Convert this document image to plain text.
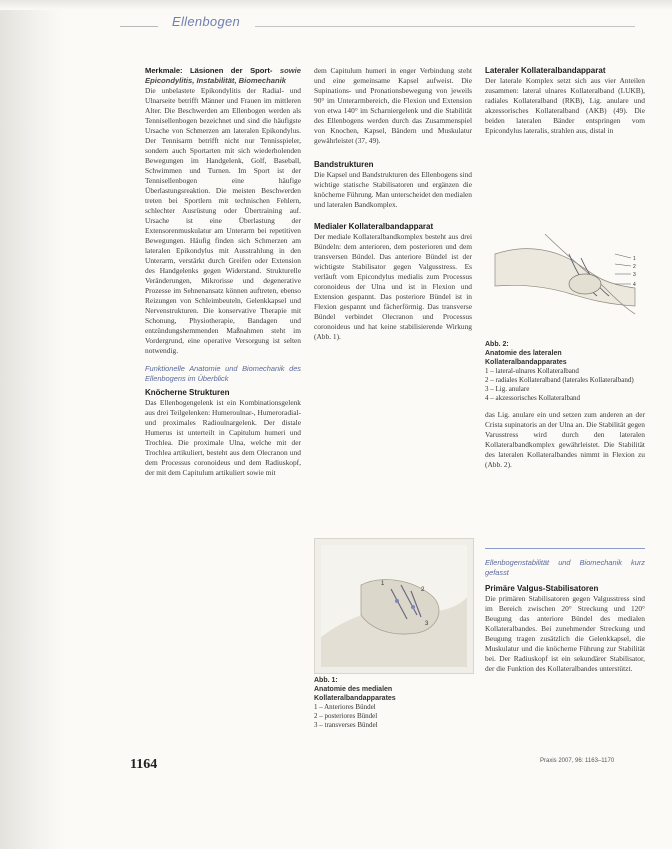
Ellenbogen

Merkmale: Läsionen der Sport- sowie Epicondylitis, Instabilität, Biomechanik

Die unbelastete Epikondylitis der Radial- und Ulnarseite betrifft Männer und Frauen im mittleren Alter. Die Beschwerden am Ellenbogen werden als Tennisellenbogen bezeichnet und sind die häufigste Ursache von Schmerzen am lateralen Epikondylus. Der Tennisarm betrifft nicht nur Tennisspieler, sondern auch Sportarten mit sich wiederholenden Bewegungen im Handgelenk, Golf, Baseball, Schwimmen und Turnen. Im Sport ist der Tennisellenbogen eine häufige Überlastungsreaktion. Die meisten Beschwerden treten bei Sportlern mit technischen Fehlern, schlechter Ausrüstung oder Übertraining auf. Ursache ist eine Überlastung der Extensorenmuskulatur am Unterarm bei repetitiven Bewegungen. Häufig finden sich Schmerzen am lateralen Epikondylus mit Ausstrahlung in den Unterarm, verstärkt durch Greifen oder Extension des Handgelenks gegen Widerstand. Strukturelle Veränderungen, Mikrorisse und degenerative Prozesse im Sehnenansatz können auftreten, ebenso Reizungen von Schleimbeuteln, Gelenkkapsel und Nervenstrukturen. Die konservative Therapie mit Schonung, Physiotherapie, Bandagen und entzündungshemmenden Maßnahmen steht im Vordergrund, eine operative Versorgung ist selten notwendig.

Funktionelle Anatomie und Biomechanik des Ellenbogens im Überblick

Knöcherne Strukturen

Das Ellenbogengelenk ist ein Kombinationsgelenk aus drei Teilgelenken: Humeroulnar-, Humeroradial- und proximales Radioulnargelenk. Der distale Humerus ist unterteilt in Capitulum humeri und Trochlea. Die proximale Ulna, welche mit der Trochlea artikuliert, besteht aus dem Olecranon und dem Processus coronoideus und dem Radiuskopf, der mit dem Capitulum artikuliert sowie mit

dem Capitulum humeri in enger Verbindung steht und eine gemeinsame Kapsel aufweist. Die Supinations- und Pronationsbewegung von jeweils 90° im Unterarmbereich, die Flexion und Extension von etwa 140° im Scharniergelenk und die Stabilität des Ellenbogens werden durch das Zusammenspiel von Knochen, Kapsel, Bändern und Muskulatur gewährleistet (37, 49).

Bandstrukturen

Die Kapsel und Bandstrukturen des Ellenbogens sind wichtige statische Stabilisatoren und ergänzen die knöcherne Führung. Man unterscheidet den medialen und lateralen Bandkomplex.

Medialer Kollateralbandapparat

Der mediale Kollateralbandkomplex besteht aus drei Bündeln: dem anterioren, dem posterioren und dem transversen Bündel. Das anteriore Bündel ist der wichtigste Stabilisator gegen Valgusstress. Es verläuft vom Epicondylus medialis zum Processus coronoideus der Ulna und ist in Flexion und Extension gespannt. Das posteriore Bündel ist in Flexion gespannt und fächerförmig. Das transverse Bündel verbindet Olecranon und Processus coronoideus und hat keine stabilisierende Wirkung (Abb. 1).

1
2
3
Abb. 1:
Anatomie des medialen Kollateralbandapparates
1 – Anteriores Bündel
2 – posteriores Bündel
3 – transverses Bündel

Lateraler Kollateralbandapparat

Der laterale Komplex setzt sich aus vier Anteilen zusammen: lateral ulnares Kollateralband (LUKB), radiales Kollateralband (RKB), Lig. anulare und akzessorisches Kollateralband (AKB) (49). Die beiden lateralen Bänder entspringen vom Epicondylus lateralis, strahlen aus, distal in

1
2
3
4
Abb. 2:
Anatomie des lateralen Kollateralbandapparates
1 – lateral-ulnares Kollateralband
2 – radiales Kollateralband (laterales Kollateralband)
3 – Lig. anulare
4 – akzessorisches Kollateralband

das Lig. anulare ein und setzen zum anderen an der Crista supinatoris an der Ulna an. Die Stabilität gegen Varusstress wird durch den lateralen Kollateralbandkomplex gewährleistet. Die Stabilität des lateralen Kollateralbandes nimmt in Flexion zu (Abb. 2).

Ellenbogenstabilität und Biomechanik kurz gefasst

Primäre Valgus-Stabilisatoren

Die primären Stabilisatoren gegen Valgusstress sind im Bereich zwischen 20° Streckung und 120° Beugung das anteriore Bündel des medialen Kollateralbandes. Bei zunehmender Streckung und Beugung tragen zusätzlich die Gelenkkapsel, die Muskulatur und die knöcherne Führung zur Stabilität bei. Der Radiuskopf ist ein sekundärer Stabilisator, der die Funktion des Kollateralbandes unterstützt.

1164	Praxis 2007, 96: 1163–1170
